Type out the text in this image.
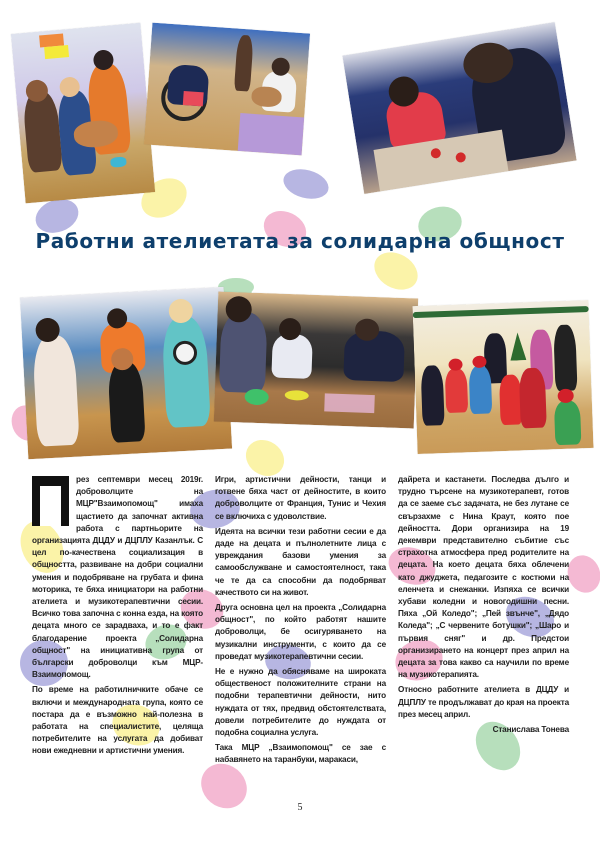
Работни ателиетата за солидарна общност

рез септември месец 2019г. доброволците на МЦР"Взаимопомощ" имаха щастието да започнат активна работа с партньорите на организацията ДЦДУ и ДЦПЛУ Казанлък. С цел по-качествена социализация в общността, развиване на добри социални умения и подобряване на грубата и фина моторика, те бяха инициатори на работни ателиета и музикотерапевтични сесии. Всичко това започна с конна езда, на която децата много се зарадваха, и то е факт благодарение проекта „Солидарна общност" на инициативна група от български доброволци към МЦР-Взаимопомощ.

По време на работилничките обаче се включи и международната група, която се постара да е възможно най-полезна в работата на специалистите, целяща потребителите на услугата да добиват нови ежедневни и артистични умения.

Игри, артистични дейности, танци и готвене бяха част от дейностите, в които доброволците от Франция, Тунис и Чехия се включиха с удоволствие.

Идеята на всички тези работни сесии е да даде на децата и пълнолетните лица с увреждания базови умения за самообслужване и самостоятелност, така че те да са способни да подобряват качеството си на живот.

Друга основна цел на проекта „Солидарна общност", по който работят нашите доброволци, бе осигуряването на музикални инструменти, с които да се проведат музикотерапевтични сесии.

Не е нужно да обясняваме на широката общественост положителните страни на подобни терапевтични дейности, нито нуждата от тях, предвид обстоятелствата, довели потребителите до нуждата от подобна социална услуга.

Така МЦР „Взаимопомощ" се зае с набавянето на таранбуки, маракаси,

дайрета и кастанети. Последва дълго и трудно търсене на музикотерапевт, готов да се заеме със задачата, не без лутане се свързахме с Нина Краут, която пое дейността. Дори организира на 19 декември представително събитие със страхотна атмосфера пред родителите на децата. На което децата бяха облечени като джуджета, педагозите с костюми на еленчета и снежанки. Изпяха се всички хубави коледни и новогодишни песни. Пяха „Ой Коледо"; „Пей звънче", „Дядо Коледа"; „С червените ботушки"; „Шаро и първия сняг" и др. Предстои организирането на концерт през април на децата за това какво са научили по време на музикотерапията.

Относно работните ателиета в ДЦДУ и ДЦПЛУ те продължават до края на проекта през месец април.

Станислава Тонева

5
